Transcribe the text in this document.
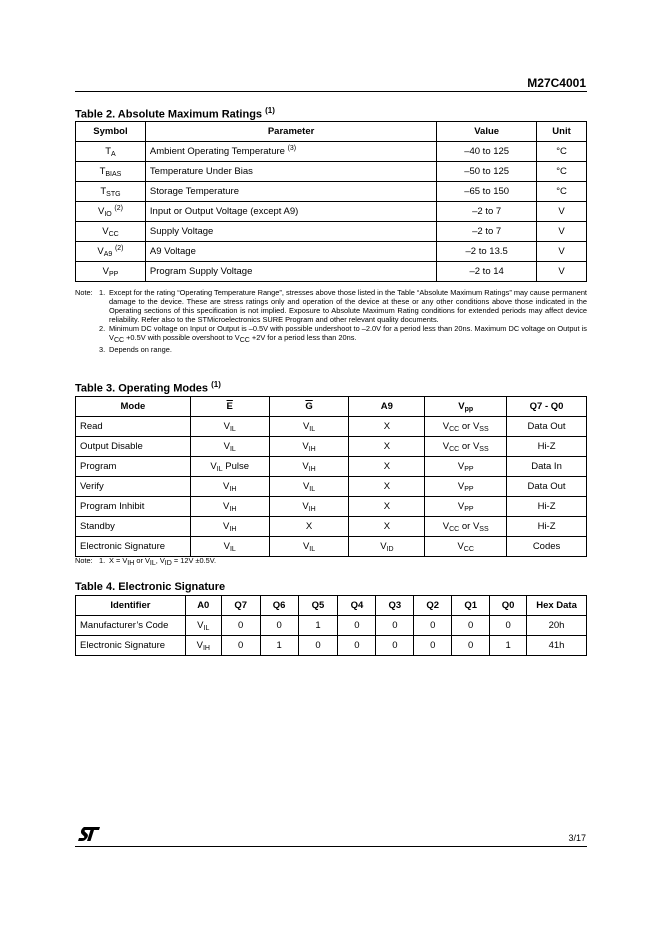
M27C4001
Table 2. Absolute Maximum Ratings $^{(1)}$
Symbol	Parameter	Value	Unit
$T_A$	Ambient Operating Temperature $^{(3)}$	–40 to 125	°C
$T_{BIAS}$	Temperature Under Bias	–50 to 125	°C
$T_{STG}$	Storage Temperature	–65 to 150	°C
$V_{IO}$ $^{(2)}$	Input or Output Voltage (except A9)	–2 to 7	V
$V_{CC}$	Supply Voltage	–2 to 7	V
$V_{A9}$ $^{(2)}$	A9 Voltage	–2 to 13.5	V
$V_{PP}$	Program Supply Voltage	–2 to 14	V
Note: 1. Except for the rating “Operating Temperature Range”, stresses above those listed in the Table “Absolute Maximum Ratings” may cause permanent damage to the device. These are stress ratings only and operation of the device at these or any other conditions above those indicated in the Operating sections of this specification is not implied. Exposure to Absolute Maximum Rating conditions for extended periods may affect device reliability. Refer also to the STMicroelectronics SURE Program and other relevant quality documents.
2. Minimum DC voltage on Input or Output is –0.5V with possible undershoot to –2.0V for a period less than 20ns. Maximum DC voltage on Output is $V_{CC} +0.5V$ with possible overshoot to $V_{CC} +2V$ for a period less than 20ns.
3. Depends on range.
Table 3. Operating Modes $^{(1)}$
Mode	$\overline{E}$	$\overline{G}$	A9	$V_{pp}$	Q7 - Q0
Read	$V_{IL}$	$V_{IL}$	X	$V_{CC}$ or $V_{SS}$	Data Out
Output Disable	$V_{IL}$	$V_{IH}$	X	$V_{CC}$ or $V_{SS}$	Hi-Z
Program	$V_{IL}$ Pulse	$V_{IH}$	X	$V_{PP}$	Data In
Verify	$V_{IH}$	$V_{IL}$	X	$V_{PP}$	Data Out
Program Inhibit	$V_{IH}$	$V_{IH}$	X	$V_{PP}$	Hi-Z
Standby	$V_{IH}$	X	X	$V_{CC}$ or $V_{SS}$	Hi-Z
Electronic Signature	$V_{IL}$	$V_{IL}$	$V_{ID}$	$V_{CC}$	Codes
Note: 1. $X = V_{IH}$ or $V_{IL}$, $V_{ID} = 12V \pm 0.5V$.
Table 4. Electronic Signature
Identifier	A0	Q7	Q6	Q5	Q4	Q3	Q2	Q1	Q0	Hex Data
Manufacturer’s Code	$V_{IL}$	0	0	1	0	0	0	0	0	20h
Electronic Signature	$V_{IH}$	0	1	0	0	0	0	0	1	41h
3/17
